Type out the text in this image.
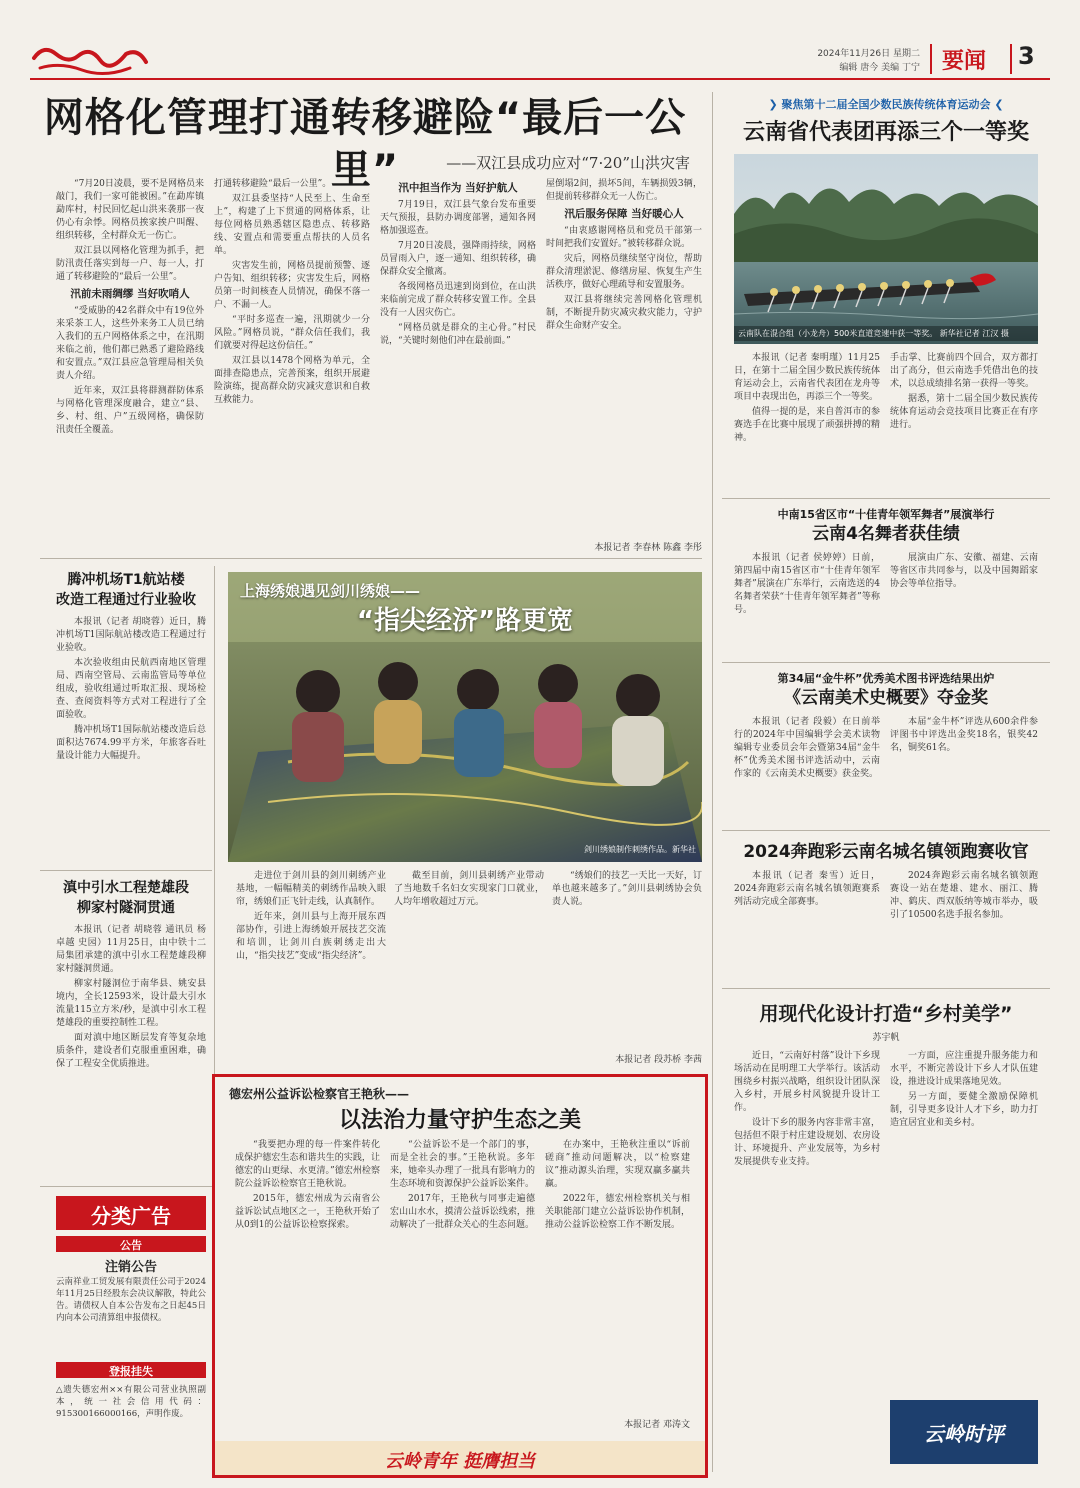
2024年11月26日 星期二
编辑 唐今 美编 丁宁 要闻 3
网格化管理打通转移避险“最后一公里”	——双江县成功应对“7·20”山洪灾害

“7月20日凌晨，要不是网格员来敲门，我们一家可能被困。”在勐库镇勐库村，村民回忆起山洪来袭那一夜仍心有余悸。网格员挨家挨户叫醒、组织转移，全村群众无一伤亡。

双江县以网格化管理为抓手，把防汛责任落实到每一户、每一人，打通了转移避险的“最后一公里”。

汛前未雨绸缪 当好吹哨人

“受威胁的42名群众中有19位外来采茶工人，这些外来务工人员已纳入我们的五户网格体系之中，在汛期来临之前，他们都已熟悉了避险路线和安置点。”双江县应急管理局相关负责人介绍。

近年来，双江县将群测群防体系与网格化管理深度融合，建立“县、乡、村、组、户”五级网格，确保防汛责任全覆盖。

打通转移避险“最后一公里”。

双江县委坚持“人民至上、生命至上”，构建了上下贯通的网格体系，让每位网格员熟悉辖区隐患点、转移路线、安置点和需要重点帮扶的人员名单。

灾害发生前，网格员提前预警、逐户告知、组织转移；灾害发生后，网格员第一时间核查人员情况，确保不落一户、不漏一人。

“平时多巡查一遍，汛期就少一分风险。”网格员说，“群众信任我们，我们就要对得起这份信任。”

双江县以1478个网格为单元，全面排查隐患点，完善预案，组织开展避险演练，提高群众防灾减灾意识和自救互救能力。

汛中担当作为 当好护航人

7月19日，双江县气象台发布重要天气预报，县防办调度部署，通知各网格加强巡查。

7月20日凌晨，强降雨持续，网格员冒雨入户，逐一通知、组织转移，确保群众安全撤离。

各级网格员迅速到岗到位，在山洪来临前完成了群众转移安置工作。全县没有一人因灾伤亡。

“网格员就是群众的主心骨。”村民说，“关键时刻他们冲在最前面。”

屋倒塌2间，损坏5间，车辆损毁3辆，但提前转移群众无一人伤亡。

汛后服务保障 当好暖心人

“由衷感谢网格员和党员干部第一时间把我们安置好。”被转移群众说。

灾后，网格员继续坚守岗位，帮助群众清理淤泥、修缮房屋、恢复生产生活秩序，做好心理疏导和安置服务。

双江县将继续完善网格化管理机制，不断提升防灾减灾救灾能力，守护群众生命财产安全。

本报记者 李春林 陈鑫 李彤
❯ 聚焦第十二届全国少数民族传统体育运动会 ❮
云南省代表团再添三个一等奖
云南队在混合组（小龙舟）500米直道竞速中获一等奖。 新华社记者 江汉 摄

本报讯（记者 秦明瑾）11月25日，在第十二届全国少数民族传统体育运动会上，云南省代表团在龙舟等项目中表现出色，再添三个一等奖。

值得一提的是，来自普洱市的参赛选手在比赛中展现了顽强拼搏的精神。

手击掌、比赛前四个回合，双方都打出了高分，但云南选手凭借出色的技术，以总成绩排名第一获得一等奖。

据悉，第十二届全国少数民族传统体育运动会竞技项目比赛正在有序进行。

中南15省区市“十佳青年领军舞者”展演举行
云南4名舞者获佳绩

本报讯（记者 侯婷婷）日前，第四届中南15省区市“十佳青年领军舞者”展演在广东举行，云南选送的4名舞者荣获“十佳青年领军舞者”等称号。

展演由广东、安徽、福建、云南等省区市共同参与，以及中国舞蹈家协会等单位指导。

第34届“金牛杯”优秀美术图书评选结果出炉
《云南美术史概要》夺金奖

本报讯（记者 段毅）在日前举行的2024年中国编辑学会美术读物编辑专业委员会年会暨第34届“金牛杯”优秀美术图书评选活动中，云南作家的《云南美术史概要》获金奖。

本届“金牛杯”评选从600余件参评图书中评选出金奖18名，银奖42名，铜奖61名。

2024奔跑彩云南名城名镇领跑赛收官

本报讯（记者 秦雪）近日，2024奔跑彩云南名城名镇领跑赛系列活动完成全部赛事。

2024奔跑彩云南名城名镇领跑赛设一站在楚雄、建水、丽江、腾冲、鹤庆、西双版纳等城市举办，吸引了10500名选手报名参加。

用现代化设计打造“乡村美学”
苏宇帆

近日，“云南好村落”设计下乡现场活动在昆明理工大学举行。该活动围绕乡村振兴战略，组织设计团队深入乡村，开展乡村风貌提升设计工作。

设计下乡的服务内容非常丰富，包括但不限于村庄建设规划、农房设计、环境提升、产业发展等，为乡村发展提供专业支持。

一方面，应注重提升服务能力和水平，不断完善设计下乡人才队伍建设，推进设计成果落地见效。

另一方面，要健全激励保障机制，引导更多设计人才下乡，助力打造宜居宜业和美乡村。

云岭时评
腾冲机场T1航站楼
改造工程通过行业验收

本报讯（记者 胡晓蓉）近日，腾冲机场T1国际航站楼改造工程通过行业验收。

本次验收组由民航西南地区管理局、西南空管局、云南监管局等单位组成，验收组通过听取汇报、现场检查、查阅资料等方式对工程进行了全面验收。

腾冲机场T1国际航站楼改造后总面积达7674.99平方米，年旅客吞吐量设计能力大幅提升。

滇中引水工程楚雄段
柳家村隧洞贯通

本报讯（记者 胡晓蓉 通讯员 杨卓越 史园）11月25日，由中铁十二局集团承建的滇中引水工程楚雄段柳家村隧洞贯通。

柳家村隧洞位于南华县、姚安县境内，全长12593米，设计最大引水流量115立方米/秒，是滇中引水工程楚雄段的重要控制性工程。

面对滇中地区断层发育等复杂地质条件，建设者们克服重重困难，确保了工程安全优质推进。

分类广告
公告
注销公告
云南祥业工贸发展有限责任公司于2024年11月25日经股东会决议解散，特此公告。请债权人自本公告发布之日起45日内向本公司清算组申报债权。
登报挂失
△遗失德宏州××有限公司营业执照副本，统一社会信用代码：915300166000166，声明作废。
上海绣娘遇见剑川绣娘——
“指尖经济”路更宽
剑川绣娘制作刺绣作品。新华社

走进位于剑川县的剑川刺绣产业基地，一幅幅精美的刺绣作品映入眼帘，绣娘们正飞针走线，认真制作。

近年来，剑川县与上海开展东西部协作，引进上海绣娘开展技艺交流和培训，让剑川白族刺绣走出大山，“指尖技艺”变成“指尖经济”。

截至目前，剑川县刺绣产业带动了当地数千名妇女实现家门口就业，人均年增收超过万元。

“绣娘们的技艺一天比一天好，订单也越来越多了。”剑川县刺绣协会负责人说。

本报记者 段苏桥 李茜
德宏州公益诉讼检察官王艳秋——
以法治力量守护生态之美

“我要把办理的每一件案件转化成保护德宏生态和谐共生的实践，让德宏的山更绿、水更清。”德宏州检察院公益诉讼检察官王艳秋说。

2015年，德宏州成为云南省公益诉讼试点地区之一，王艳秋开始了从0到1的公益诉讼检察探索。

“公益诉讼不是一个部门的事，而是全社会的事。”王艳秋说。多年来，她牵头办理了一批具有影响力的生态环境和资源保护公益诉讼案件。

2017年，王艳秋与同事走遍德宏山山水水，摸清公益诉讼线索，推动解决了一批群众关心的生态问题。

在办案中，王艳秋注重以“诉前磋商”推动问题解决，以“检察建议”推动源头治理，实现双赢多赢共赢。

2022年，德宏州检察机关与相关职能部门建立公益诉讼协作机制，推动公益诉讼检察工作不断发展。

本报记者 邓涛文
云岭青年 挺膺担当
